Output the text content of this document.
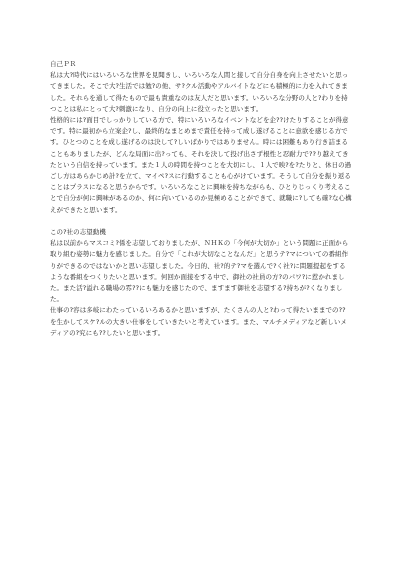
自己ＰＲ

私は大?時代にはいろいろな世界を見聞きし、いろいろな人間と接して自分自身を向上させたいと思ってきました。そこで大?生活では勉?の他、サ?クル活動やアルバイトなどにも積極的に力を入れてきました。それらを通して得たもので最も貴重なのは友人だと思います。いろいろな分野の人と?わりを持つことは私にとって大?刺激になり、自分の向上に役立ったと思います。

性格的には?面目でしっかりしている方で、特にいろいろなイベントなどを企??けたりすることが得意です。特に最初から立案企?し、最終的なまとめまで責任を持って成し遂げることに意欲を感じる方です。ひとつのことを成し遂げるのは決して?しいばかりではありません。時には困難もあり行き詰まることもありましたが、どんな局面に出?っても、それを決して投げ出さず根性と忍耐力で??り越えてきたという自信を持っています。また１人の時間を持つことを大切にし、１人で映?を?たりと、休日の過ごし方はあらかじめ計?を立て、マイペ?スに行動することも心がけています。そうして自分を振り返ることはプラスになると思うからです。いろいろなことに興味を持ちながらも、ひとりじっくり考えることで自分が何に興味があるのか、何に向いているのか見極めることができて、就職に?しても確?な心構えができたと思います。

この?社の志望動機

私は以前からマスコミ?係を志望しておりましたが、ＮＨＫの「今何が大切か」という問題に正面から取り組む姿勢に魅力を感じました。自分で「これが大切なことなんだ」と思うテ?マについての番組作りができるのではないかと思い志望しました。今日的、社?的テ?マを選んで?く社?に問題提起をするような番組をつくりたいと思います。何回か面接をする中で、御社の社員の方?のパワ?に惹かれました。また活?溢れる職場の雰??にも魅力を感じたので、ますます御社を志望する?持ちが?くなりました。

仕事の?容は多岐にわたっているいろあるかと思いますが、たくさんの人と?わって得たいままでの??を生かしてスケ?ルの大きい仕事をしていきたいと考えています。また、マルチメディアなど新しいメディアの?究にも??したいと思います。
